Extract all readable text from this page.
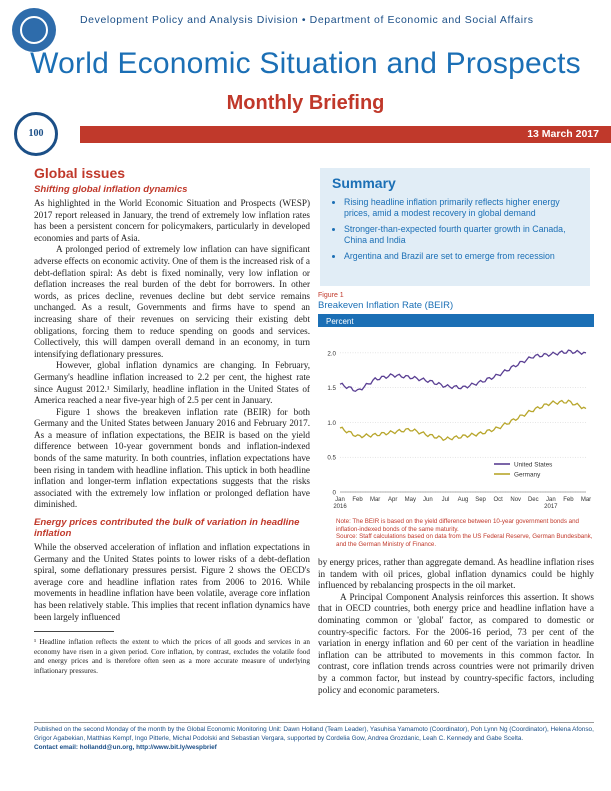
Development Policy and Analysis Division • Department of Economic and Social Affairs
World Economic Situation and Prospects
Monthly Briefing
100	13 March 2017
Global issues
Shifting global inflation dynamics

As highlighted in the World Economic Situation and Prospects (WESP) 2017 report released in January, the trend of extremely low inflation rates has been a persistent concern for policymakers, particularly in developed economies and parts of Asia.

A prolonged period of extremely low inflation can have significant adverse effects on economic activity. One of them is the increased risk of a debt-deflation spiral: As debt is fixed nominally, very low inflation or deflation increases the real burden of the debt for borrowers. In other words, as prices decline, revenues decline but debt service remains unchanged. As a result, Governments and firms have to spend an increasing share of their revenues on servicing their existing debt obligations, forcing them to reduce spending on goods and services. Collectively, this will dampen overall demand in an economy, in turn intensifying deflationary pressures.

However, global inflation dynamics are changing. In February, Germany's headline inflation increased to 2.2 per cent, the highest rate since August 2012.¹ Similarly, headline inflation in the United States of America reached a near five-year high of 2.5 per cent in January.

Figure 1 shows the breakeven inflation rate (BEIR) for both Germany and the United States between January 2016 and February 2017. As a measure of inflation expectations, the BEIR is based on the yield difference between 10-year government bonds and inflation-indexed bonds of the same maturity. In both countries, inflation expectations have been rising in tandem with headline inflation. This uptick in both headline inflation and longer-term inflation expectations suggests that the risks associated with the extremely low inflation or prolonged deflation have diminished.

Energy prices contributed the bulk of variation in headline inflation

While the observed acceleration of inflation and inflation expectations in Germany and the United States points to lower risks of a debt-deflation spiral, some deflationary pressures persist. Figure 2 shows the OECD's average core and headline inflation rates from 2006 to 2016. While movements in headline inflation have been volatile, average core inflation has been relatively stable. This implies that recent inflation dynamics have been largely influenced

¹ Headline inflation reflects the extent to which the prices of all goods and services in an economy have risen in a given period. Core inflation, by contrast, excludes the volatile food and energy prices and is therefore often seen as a more accurate measure of underlying inflationary pressures.
Summary
• Rising headline inflation primarily reflects higher energy prices, amid a modest recovery in global demand
• Stronger-than-expected fourth quarter growth in Canada, China and India
• Argentina and Brazil are set to emerge from recession
Figure 1
Breakeven Inflation Rate (BEIR)
Percent
0
0.5
1.0
1.5
2.0
Jan
2016
Feb Mar Apr May Jun Jul Aug Sep Oct Nov Dec Jan
2017
Feb Mar
United States
Germany
Note: The BEIR is based on the yield difference between 10-year government bonds and inflation-indexed bonds of the same maturity.
Source: Staff calculations based on data from the US Federal Reserve, German Bundesbank, and the German Ministry of Finance.

by energy prices, rather than aggregate demand. As headline inflation rises in tandem with oil prices, global inflation dynamics could be highly influenced by rebalancing prospects in the oil market.

A Principal Component Analysis reinforces this assertion. It shows that in OECD countries, both energy price and headline inflation have a dominating common or 'global' factor, as compared to domestic or country-specific factors. For the 2006-16 period, 73 per cent of the variation in energy inflation and 60 per cent of the variation in headline inflation can be attributed to movements in this common factor. In contrast, core inflation trends across countries were not primarily driven by a common factor, but instead by country-specific factors, including policy and economic parameters.

Published on the second Monday of the month by the Global Economic Monitoring Unit: Dawn Holland (Team Leader), Yasuhisa Yamamoto (Coordinator), Poh Lynn Ng (Coordinator), Helena Afonso, Grigor Agabekian, Matthias Kempf, Ingo Pitterle, Michal Podolski and Sebastian Vergara, supported by Cordelia Gow, Andrea Grozdanic, Leah C. Kennedy and Gabe Scelta.
Contact email: hollandd@un.org, http://www.bit.ly/wespbrief
